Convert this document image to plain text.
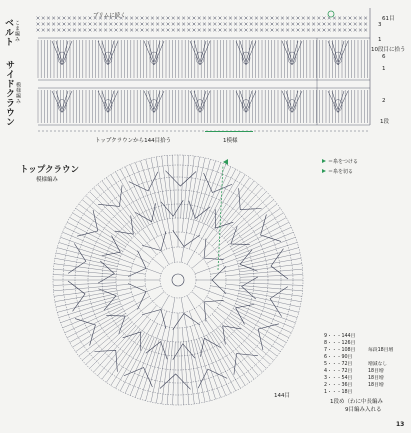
ブリムに続く	61目
ベルト こま編み
サイドクラウン 模様編み
3
1
10段目に拾う
6
1
2
1段
トップクラウンから144目拾う	1模様
トップクラウン
模様編み
＝糸をつける
＝糸を切る
144目
9・・・144目
8・・・126目
7・・・108目	毎段18目増
6・・・90目
5・・・72目	増減なし
4・・・72目	18目増
3・・・54目	18目増
2・・・36目	18目増
1・・・18目
1段め（わに中長編み
9目編み入れる
13
